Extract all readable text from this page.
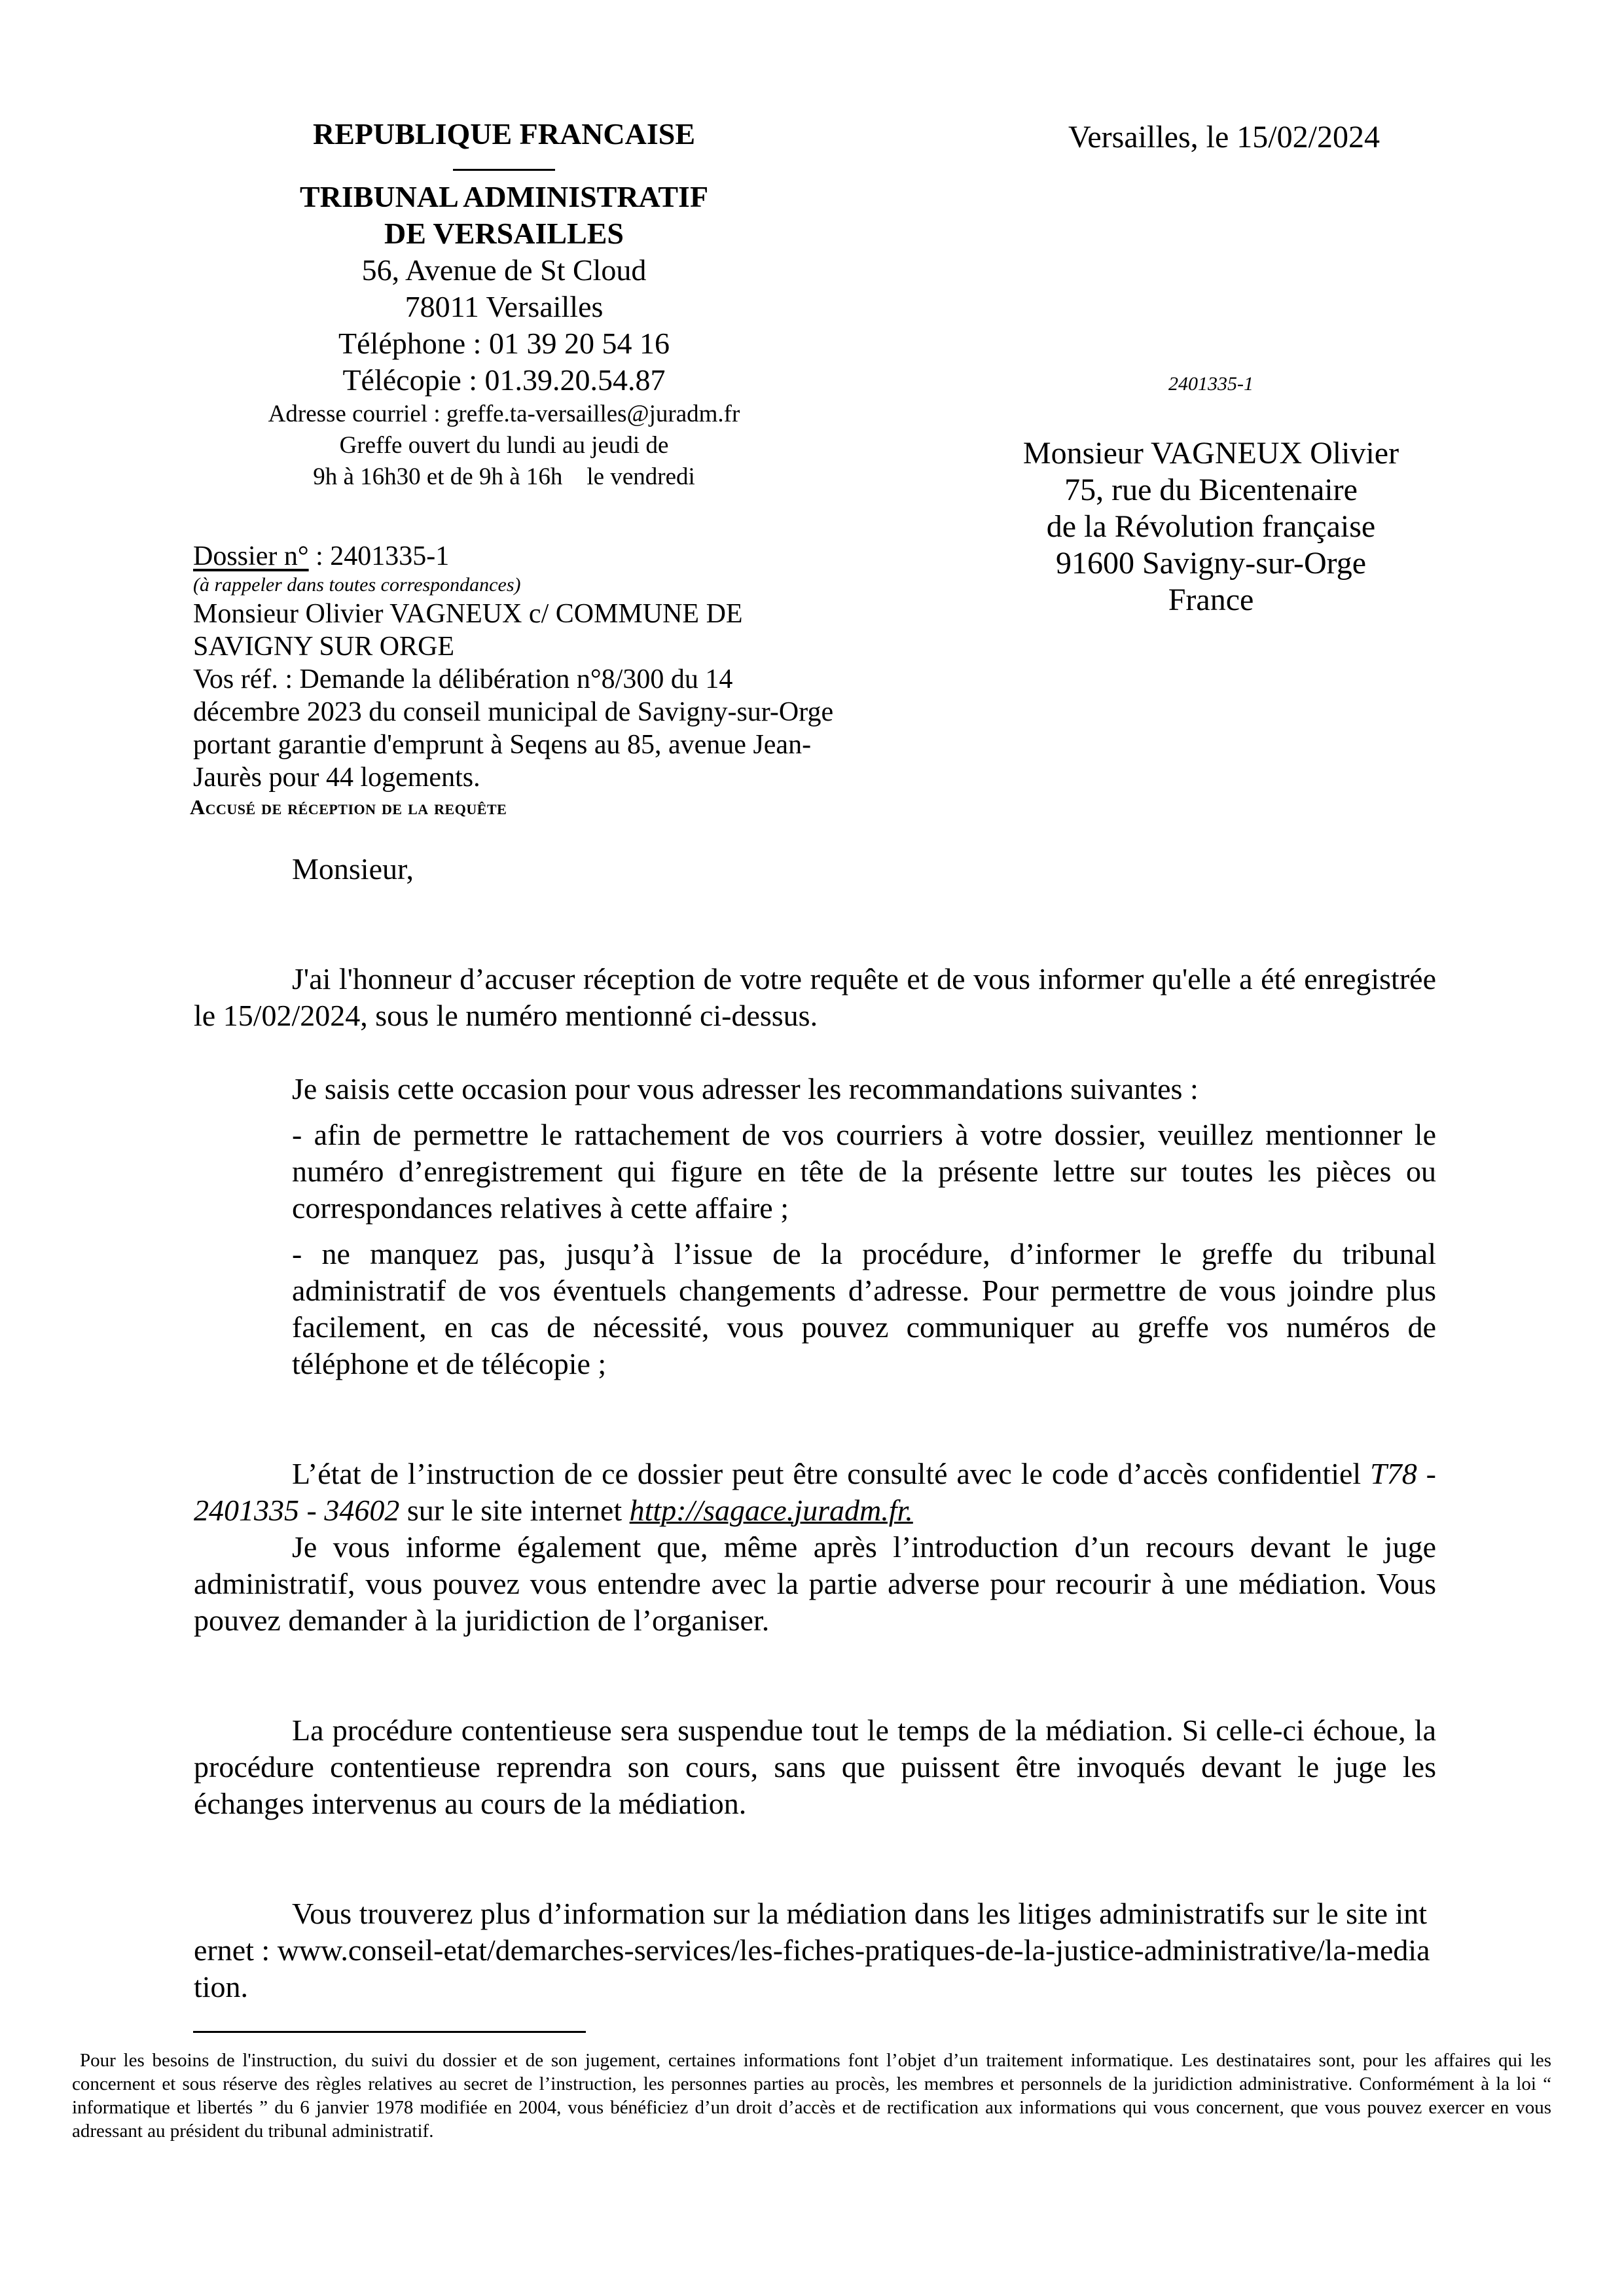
REPUBLIQUE FRANCAISE
TRIBUNAL ADMINISTRATIF
DE VERSAILLES
56, Avenue de St Cloud
78011 Versailles
Téléphone : 01 39 20 54 16
Télécopie : 01.39.20.54.87
Adresse courriel : greffe.ta-versailles@juradm.fr
Greffe ouvert du lundi au jeudi de
9h à 16h30 et de 9h à 16h    le vendredi
Versailles, le 15/02/2024
2401335-1
Monsieur VAGNEUX Olivier
75, rue du Bicentenaire
de la Révolution française
91600 Savigny-sur-Orge
France
Dossier n° : 2401335-1
(à rappeler dans toutes correspondances)
Monsieur Olivier VAGNEUX c/ COMMUNE DE SAVIGNY SUR ORGE
Vos réf. : Demande la délibération n°8/300 du 14 décembre 2023 du conseil municipal de Savigny-sur-Orge portant garantie d'emprunt à Seqens au 85, avenue Jean-Jaurès pour 44 logements.
Accusé de réception de la requête

Monsieur,

J'ai l'honneur d’accuser réception de votre requête et de vous informer qu'elle a été enregistrée le 15/02/2024, sous le numéro mentionné ci-dessus.

Je saisis cette occasion pour vous adresser les recommandations suivantes :

- afin de permettre le rattachement de vos courriers à votre dossier, veuillez mentionner le numéro d’enregistrement qui figure en tête de la présente lettre sur toutes les pièces ou correspondances relatives à cette affaire ;

- ne manquez pas, jusqu’à l’issue de la procédure, d’informer le greffe du tribunal administratif de vos éventuels changements d’adresse. Pour permettre de vous joindre plus facilement, en cas de nécessité, vous pouvez communiquer au greffe vos numéros de téléphone et de télécopie ;

L’état de l’instruction de ce dossier peut être consulté avec le code d’accès confidentiel T78 - 2401335 - 34602 sur le site internet http://sagace.juradm.fr.

Je vous informe également que, même après l’introduction d’un recours devant le juge administratif, vous pouvez vous entendre avec la partie adverse pour recourir à une médiation. Vous pouvez demander à la juridiction de l’organiser.

La procédure contentieuse sera suspendue tout le temps de la médiation. Si celle-ci échoue, la procédure contentieuse reprendra son cours, sans que puissent être invoqués devant le juge les échanges intervenus au cours de la médiation.

Vous trouverez plus d’information sur la médiation dans les litiges administratifs sur le site internet : www.conseil-etat/demarches-services/les-fiches-pratiques-de-la-justice-administrative/la-mediation.

Pour les besoins de l'instruction, du suivi du dossier et de son jugement, certaines informations font l’objet d’un traitement informatique. Les destinataires sont, pour les affaires qui les concernent et sous réserve des règles relatives au secret de l’instruction, les personnes parties au procès, les membres et personnels de la juridiction administrative. Conformément à la loi “ informatique et libertés ” du 6 janvier 1978 modifiée en 2004, vous bénéficiez d’un droit d’accès et de rectification aux informations qui vous concernent, que vous pouvez exercer en vous adressant au président du tribunal administratif.
